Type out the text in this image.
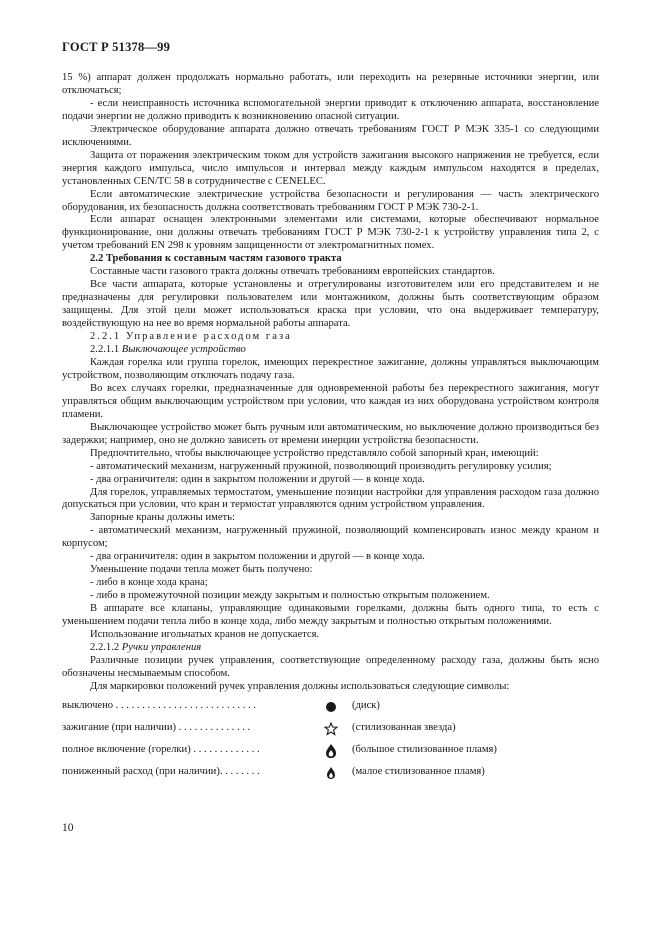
ГОСТ Р 51378—99

15 %) аппарат должен продолжать нормально работать, или переходить на резервные источники энергии, или отключаться;

- если неисправность источника вспомогательной энергии приводит к отключению аппарата, восстановление подачи энергии не должно приводить к возникновению опасной ситуации.

Электрическое оборудование аппарата должно отвечать требованиям ГОСТ Р МЭК 335-1 со следующими исключениями.

Защита от поражения электрическим током для устройств зажигания высокого напряжения не требуется, если энергия каждого импульса, число импульсов и интервал между каждым импульсом находятся в пределах, установленных CEN/TC 58 в сотрудничестве с CENELEC.

Если автоматические электрические устройства безопасности и регулирования — часть электрического оборудования, их безопасность должна соответствовать требованиям ГОСТ Р МЭК 730-2-1.

Если аппарат оснащен электронными элементами или системами, которые обеспечивают нормальное функционирование, они должны отвечать требованиям ГОСТ Р МЭК 730-2-1 к устройству управления типа 2, с учетом требований EN 298 к уровням защищенности от электромагнитных помех.

2.2 Требования к составным частям газового тракта

Составные части газового тракта должны отвечать требованиям европейских стандартов.

Все части аппарата, которые установлены и отрегулированы изготовителем или его представителем и не предназначены для регулировки пользователем или монтажником, должны быть соответствующим образом защищены. Для этой цели может использоваться краска при условии, что она выдерживает температуру, воздействующую на нее во время нормальной работы аппарата.

2.2.1 Управление расходом газа

2.2.1.1 Выключающее устройство

Каждая горелка или группа горелок, имеющих перекрестное зажигание, должны управляться выключающим устройством, позволяющим отключать подачу газа.

Во всех случаях горелки, предназначенные для одновременной работы без перекрестного зажигания, могут управляться общим выключающим устройством при условии, что каждая из них оборудована устройством контроля пламени.

Выключающее устройство может быть ручным или автоматическим, но выключение должно производиться без задержки; например, оно не должно зависеть от времени инерции устройства безопасности.

Предпочтительно, чтобы выключающее устройство представляло собой запорный кран, имеющий:

- автоматический механизм, нагруженный пружиной, позволяющий производить регулировку усилия;

- два ограничителя: один в закрытом положении и другой — в конце хода.

Для горелок, управляемых термостатом, уменьшение позиции настройки для управления расходом газа должно допускаться при условии, что кран и термостат управляются одним устройством управления.

Запорные краны должны иметь:

- автоматический механизм, нагруженный пружиной, позволяющий компенсировать износ между краном и корпусом;

- два ограничителя: один в закрытом положении и другой — в конце хода.

Уменьшение подачи тепла может быть получено:

- либо в конце хода крана;

- либо в промежуточной позиции между закрытым и полностью открытым положением.

В аппарате все клапаны, управляющие одинаковыми горелками, должны быть одного типа, то есть с уменьшением подачи тепла либо в конце хода, либо между закрытым и полностью открытым положениями.

Использование игольчатых кранов не допускается.

2.2.1.2 Ручки управления

Различные позиции ручек управления, соответствующие определенному расходу газа, должны быть ясно обозначены несмываемым способом.

Для маркировки положений ручек управления должны использоваться следующие символы:

выключено . . . . . . . . . . . . . . . . . . . . . . . . . . .	(диск)
зажигание (при наличии) . . . . . . . . . . . . . .	(стилизованная звезда)
полное включение (горелки) . . . . . . . . . . . . .	(большое стилизованное пламя)
пониженный расход (при наличии). . . . . . . .	(малое стилизованное пламя)
10
